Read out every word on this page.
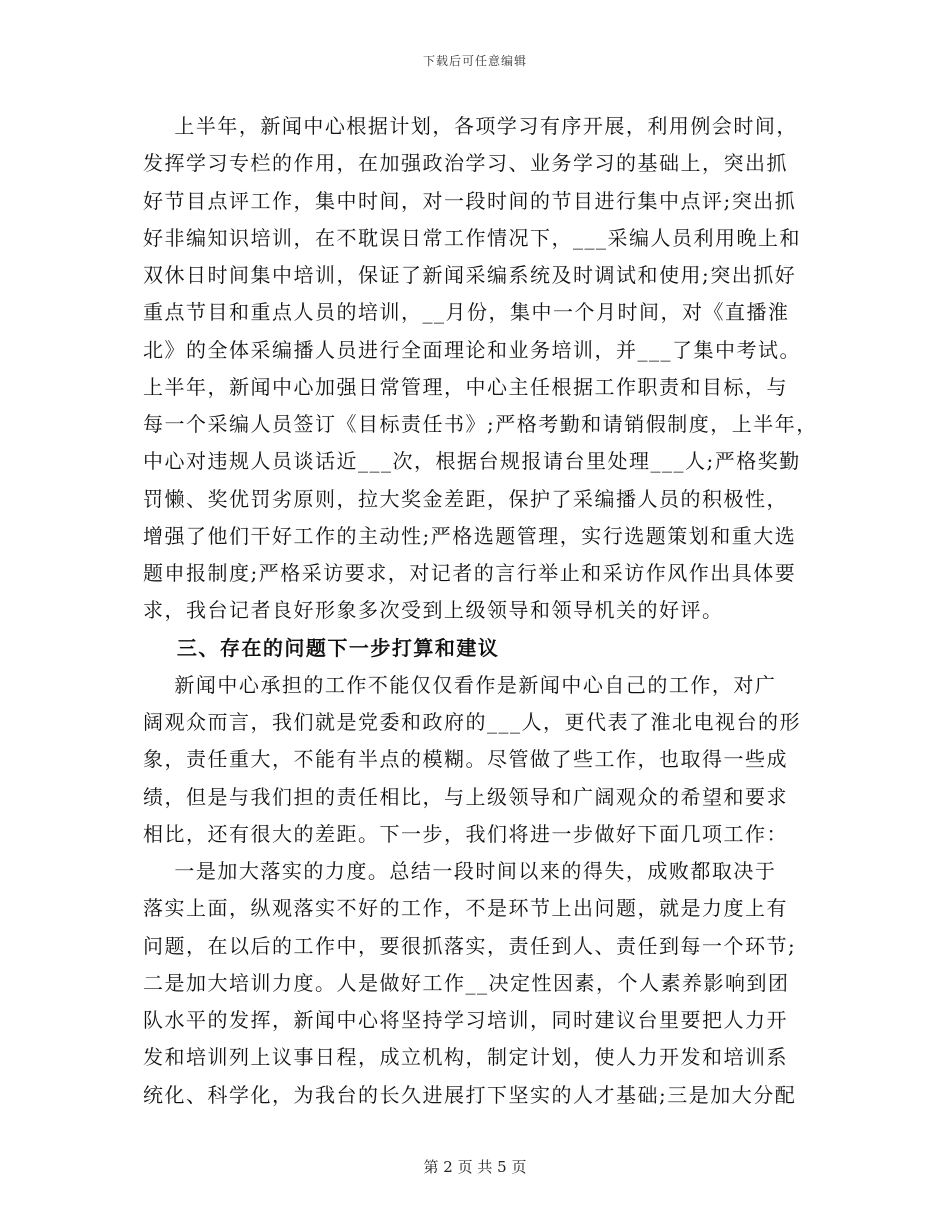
下载后可任意编辑
上半年，新闻中心根据计划，各项学习有序开展，利用例会时间，
发挥学习专栏的作用，在加强政治学习、业务学习的基础上，突出抓
好节目点评工作，集中时间，对一段时间的节目进行集中点评;突出抓
好非编知识培训，在不耽误日常工作情况下，___采编人员利用晚上和
双休日时间集中培训，保证了新闻采编系统及时调试和使用;突出抓好
重点节目和重点人员的培训，__月份，集中一个月时间，对《直播淮
北》的全体采编播人员进行全面理论和业务培训，并___了集中考试。
上半年，新闻中心加强日常管理，中心主任根据工作职责和目标，与
每一个采编人员签订《目标责任书》;严格考勤和请销假制度，上半年，
中心对违规人员谈话近___次，根据台规报请台里处理___人;严格奖勤
罚懒、奖优罚劣原则，拉大奖金差距，保护了采编播人员的积极性，
增强了他们干好工作的主动性;严格选题管理，实行选题策划和重大选
题申报制度;严格采访要求，对记者的言行举止和采访作风作出具体要
求，我台记者良好形象多次受到上级领导和领导机关的好评。
三、存在的问题下一步打算和建议
新闻中心承担的工作不能仅仅看作是新闻中心自己的工作，对广
阔观众而言，我们就是党委和政府的___人，更代表了淮北电视台的形
象，责任重大，不能有半点的模糊。尽管做了些工作，也取得一些成
绩，但是与我们担的责任相比，与上级领导和广阔观众的希望和要求
相比，还有很大的差距。下一步，我们将进一步做好下面几项工作：
一是加大落实的力度。总结一段时间以来的得失，成败都取决于
落实上面，纵观落实不好的工作，不是环节上出问题，就是力度上有
问题，在以后的工作中，要很抓落实，责任到人、责任到每一个环节;
二是加大培训力度。人是做好工作__决定性因素，个人素养影响到团
队水平的发挥，新闻中心将坚持学习培训，同时建议台里要把人力开
发和培训列上议事日程，成立机构，制定计划，使人力开发和培训系
统化、科学化，为我台的长久进展打下坚实的人才基础;三是加大分配
第 2 页 共 5 页
